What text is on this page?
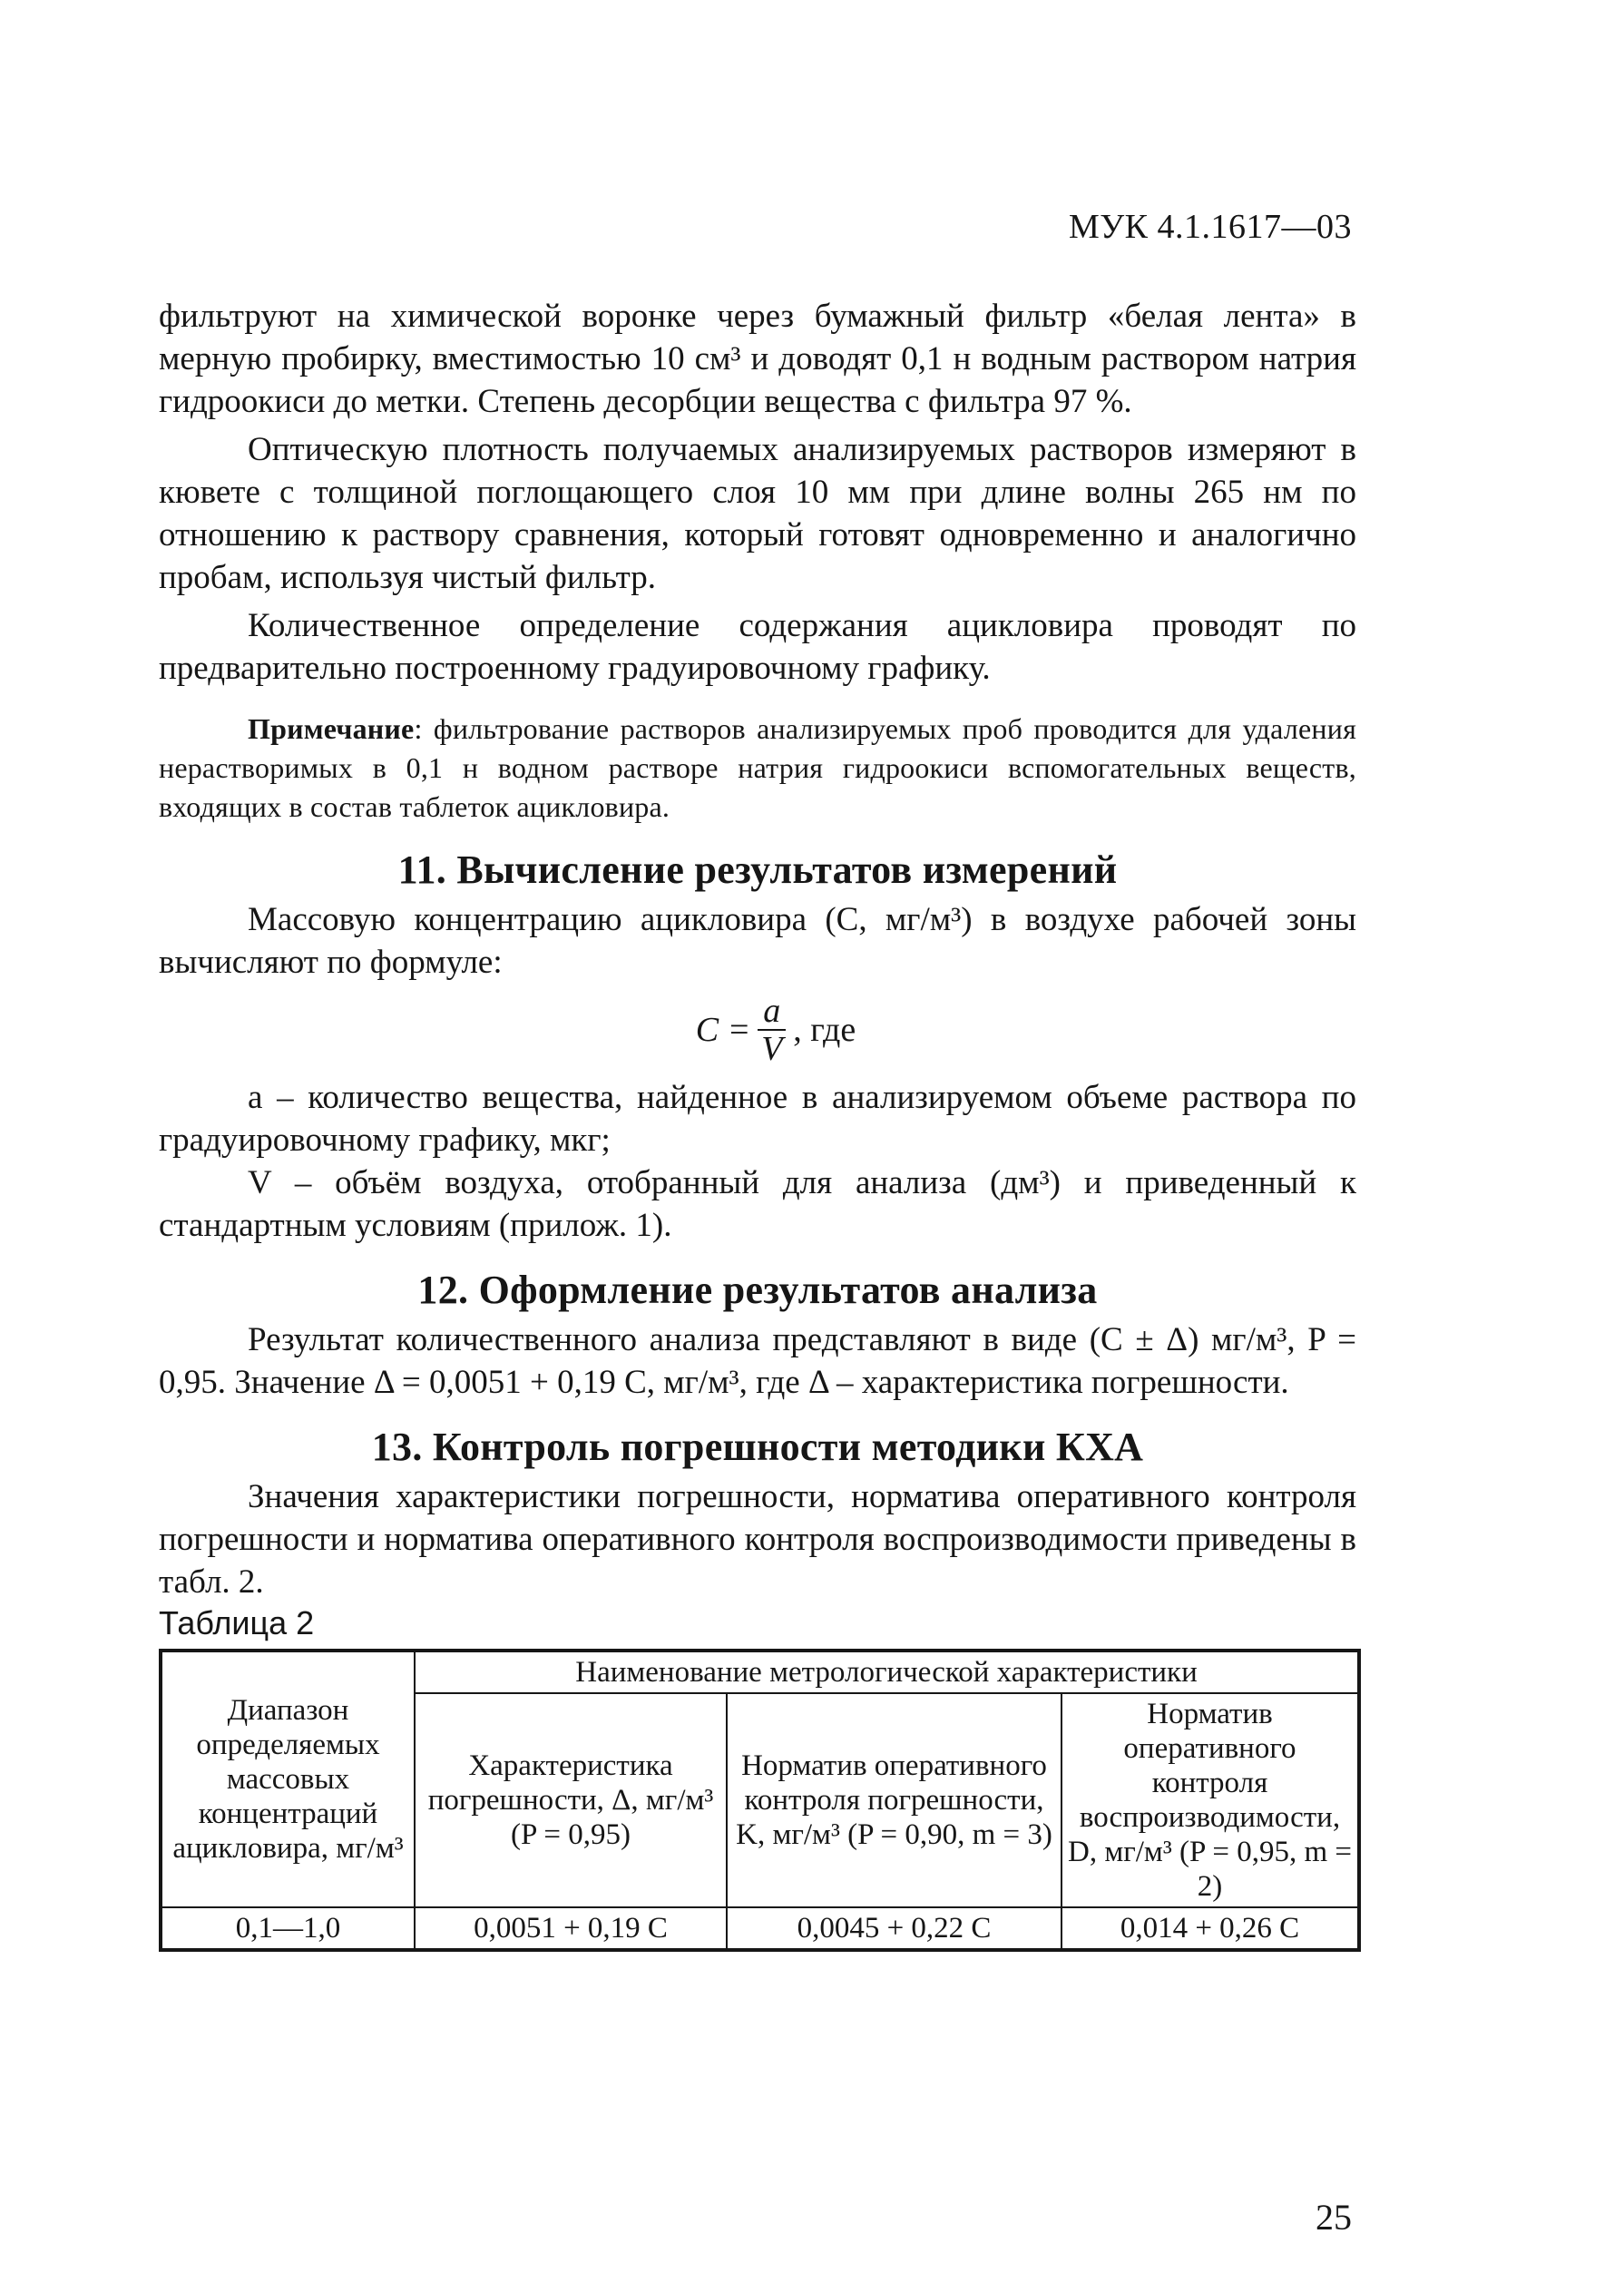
МУК 4.1.1617—03

фильтруют на химической воронке через бумажный фильтр «белая лента» в мерную пробирку, вместимостью 10 см³ и доводят 0,1 н водным раствором натрия гидроокиси до метки. Степень десорбции вещества с фильтра 97 %.

Оптическую плотность получаемых анализируемых растворов измеряют в кювете с толщиной поглощающего слоя 10 мм при длине волны 265 нм по отношению к раствору сравнения, который готовят одновременно и аналогично пробам, используя чистый фильтр.

Количественное определение содержания ацикловира проводят по предварительно построенному градуировочному графику.

Примечание: фильтрование растворов анализируемых проб проводится для удаления нерастворимых в 0,1 н водном растворе натрия гидроокиси вспомогательных веществ, входящих в состав таблеток ацикловира.

11. Вычисление результатов измерений

Массовую концентрацию ацикловира (C, мг/м³) в воздухе рабочей зоны вычисляют по формуле:

$C = \frac{a}{V}$ , где

a – количество вещества, найденное в анализируемом объеме раствора по градуировочному графику, мкг;

V – объём воздуха, отобранный для анализа (дм³) и приведенный к стандартным условиям (прилож. 1).

12. Оформление результатов анализа

Результат количественного анализа представляют в виде (C ± Δ) мг/м³, P = 0,95. Значение Δ = 0,0051 + 0,19 C, мг/м³, где Δ – характеристика погрешности.

13. Контроль погрешности методики КХА

Значения характеристики погрешности, норматива оперативного контроля погрешности и норматива оперативного контроля воспроизводимости приведены в табл. 2.

Таблица 2

Диапазон определяемых массовых концентраций ацикловира, мг/м³	Наименование метрологической характеристики		
	Характеристика погрешности, Δ, мг/м³ (P = 0,95)	Норматив оперативного контроля погрешности, K, мг/м³ (P = 0,90, m = 3)	Норматив оперативного контроля воспроизводимости, D, мг/м³ (P = 0,95, m = 2)
0,1—1,0	0,0051 + 0,19 C	0,0045 + 0,22 C	0,014 + 0,26 C
25
